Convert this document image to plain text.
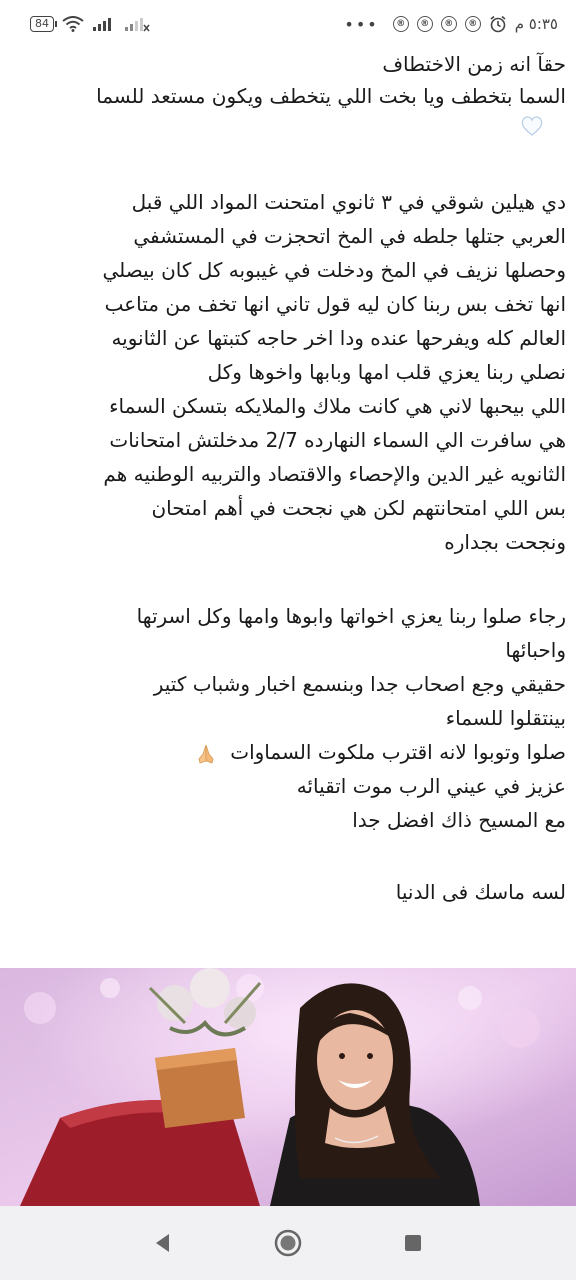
84	•••	®	®	®	®	٥:٣٥ م
حقآ انه زمن الاختطاف
السما بتخطف ويا بخت اللي يتخطف ويكون مستعد للسما
دي هيلين شوقي في ٣ ثانوي امتحنت المواد اللي قبل
العربي جتلها جلطه في المخ اتحجزت في المستشفي
وحصلها نزيف في المخ ودخلت في غيبوبه كل كان بيصلي
انها تخف بس ربنا كان ليه قول تاني انها تخف من متاعب
العالم كله ويفرحها عنده ودا اخر حاجه كتبتها عن الثانويه
نصلي ربنا يعزي قلب امها وبابها واخوها وكل
اللي بيحبها لاني هي كانت ملاك والملايكه بتسكن السماء
هي سافرت الي السماء النهارده 2/7 مدخلتش امتحانات
الثانويه غير الدين والإحصاء والاقتصاد والتربيه الوطنيه هم
بس اللي امتحانتهم لكن هي نجحت في أهم امتحان
ونجحت بجداره
رجاء صلوا ربنا يعزي اخواتها وابوها وامها وكل اسرتها
واحبائها
حقيقي وجع اصحاب جدا وبنسمع اخبار وشباب كتير
بينتقلوا للسماء
صلوا وتوبوا لانه اقترب ملكوت السماوات
عزيز في عيني الرب موت اتقيائه
مع المسيح ذاك افضل جدا
لسه ماسك فى الدنيا
